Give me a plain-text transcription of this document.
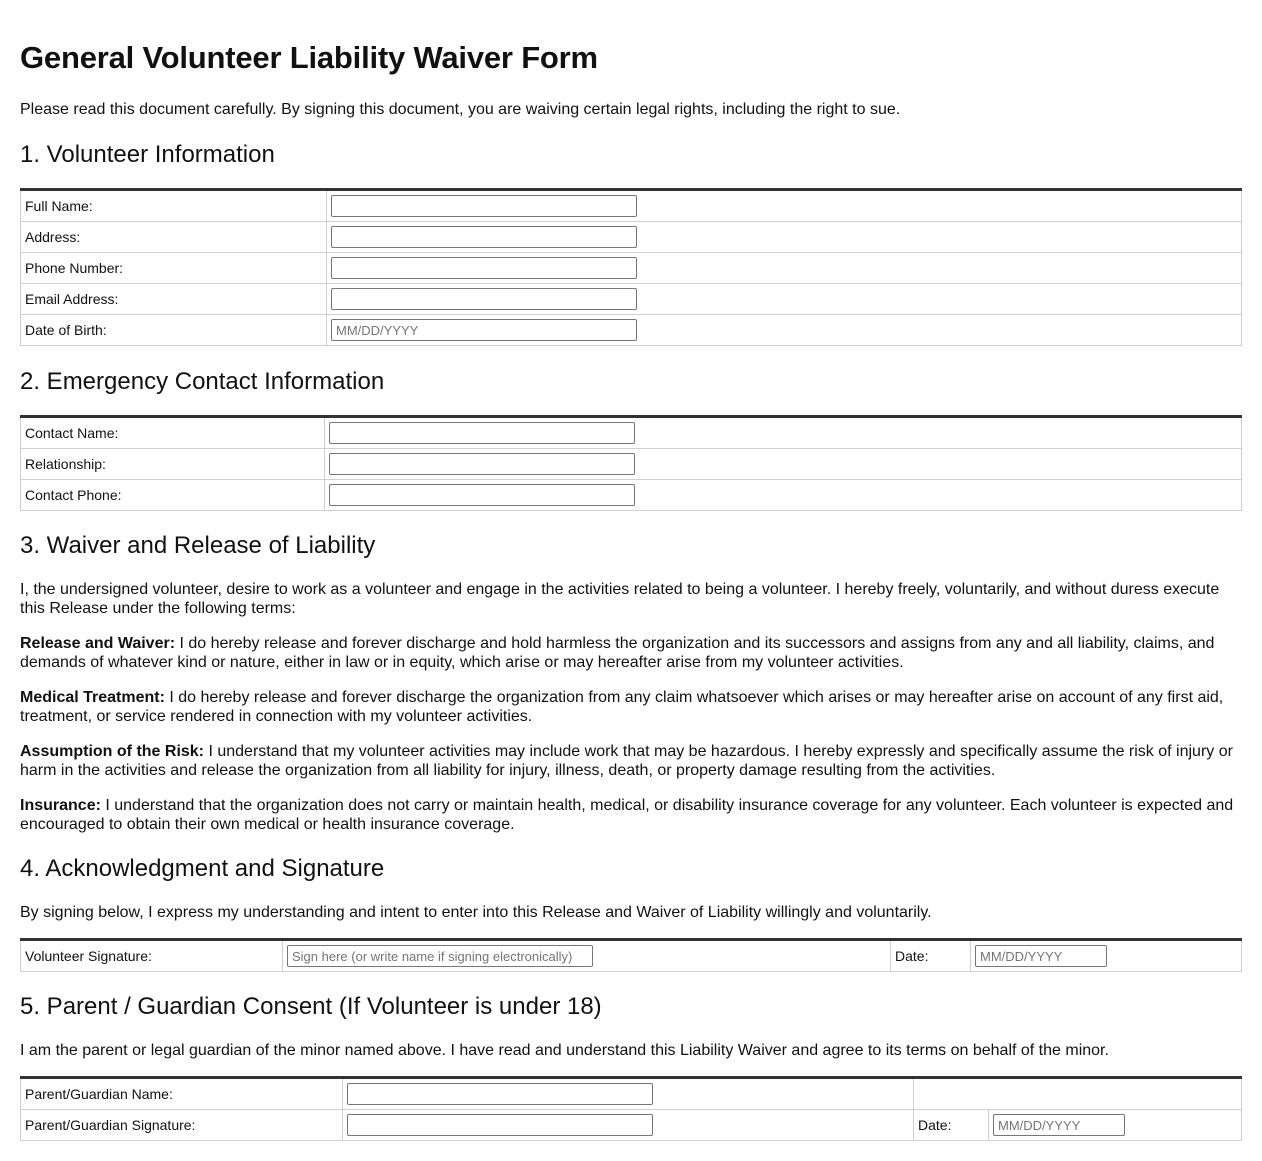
General Volunteer Liability Waiver Form

Please read this document carefully. By signing this document, you are waiving certain legal rights, including the right to sue.

1. Volunteer Information
Full Name:	
Address:	
Phone Number:	
Email Address:	
Date of Birth:	MM/DD/YYYY
2. Emergency Contact Information
Contact Name:	
Relationship:	
Contact Phone:	
3. Waiver and Release of Liability

I, the undersigned volunteer, desire to work as a volunteer and engage in the activities related to being a volunteer. I hereby freely, voluntarily, and without duress execute this Release under the following terms:

Release and Waiver: I do hereby release and forever discharge and hold harmless the organization and its successors and assigns from any and all liability, claims, and demands of whatever kind or nature, either in law or in equity, which arise or may hereafter arise from my volunteer activities.

Medical Treatment: I do hereby release and forever discharge the organization from any claim whatsoever which arises or may hereafter arise on account of any first aid, treatment, or service rendered in connection with my volunteer activities.

Assumption of the Risk: I understand that my volunteer activities may include work that may be hazardous. I hereby expressly and specifically assume the risk of injury or harm in the activities and release the organization from all liability for injury, illness, death, or property damage resulting from the activities.

Insurance: I understand that the organization does not carry or maintain health, medical, or disability insurance coverage for any volunteer. Each volunteer is expected and encouraged to obtain their own medical or health insurance coverage.

4. Acknowledgment and Signature

By signing below, I express my understanding and intent to enter into this Release and Waiver of Liability willingly and voluntarily.

Volunteer Signature:	Sign here (or write name if signing electronically)	Date:	MM/DD/YYYY
5. Parent / Guardian Consent (If Volunteer is under 18)

I am the parent or legal guardian of the minor named above. I have read and understand this Liability Waiver and agree to its terms on behalf of the minor.

Parent/Guardian Name:		
Parent/Guardian Signature:		Date:	MM/DD/YYYY
